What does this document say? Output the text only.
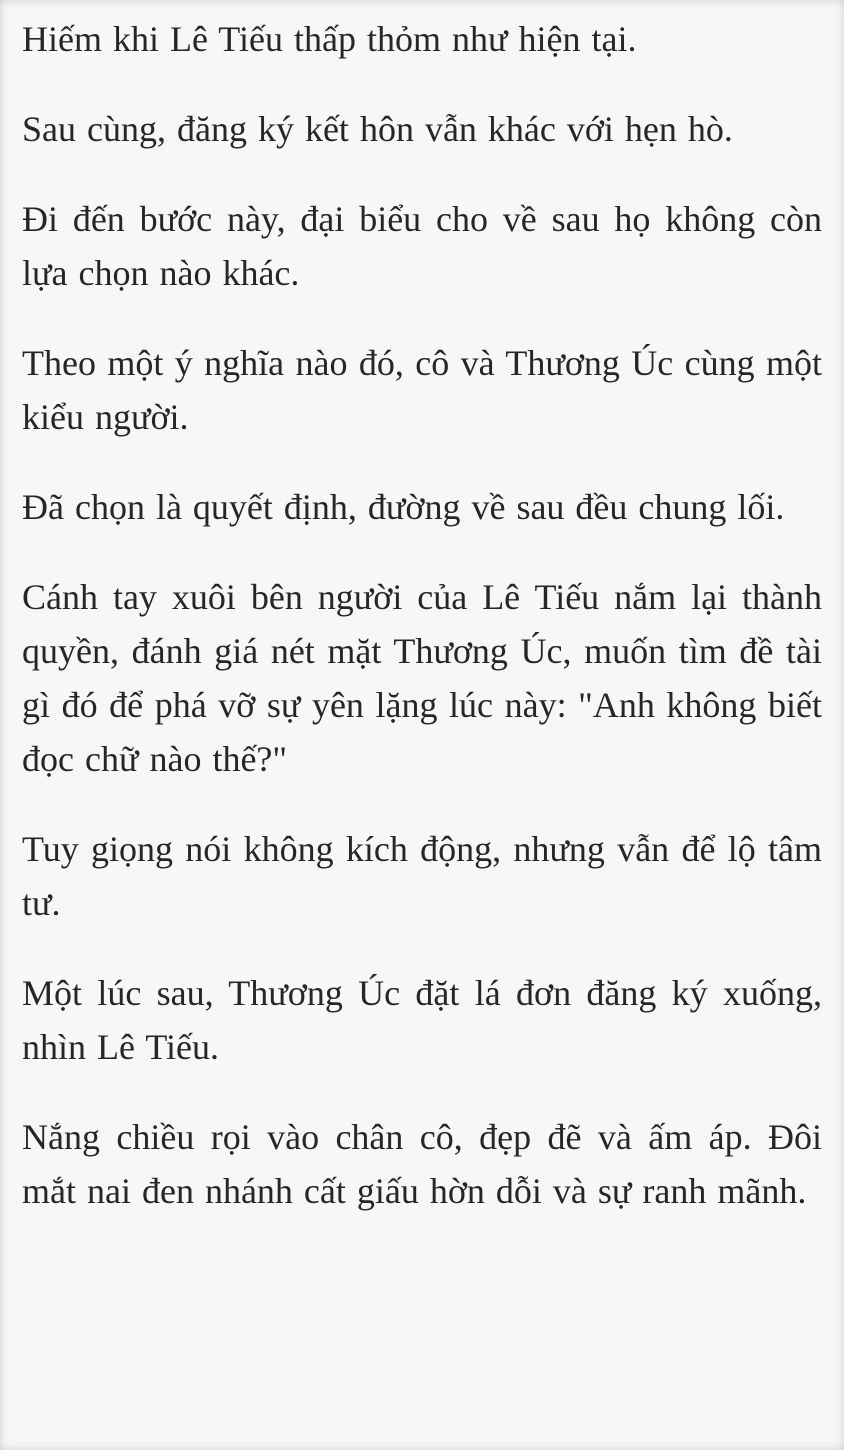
Hiếm khi Lê Tiếu thấp thỏm như hiện tại.

Sau cùng, đăng ký kết hôn vẫn khác với hẹn hò.

Đi đến bước này, đại biểu cho về sau họ không còn lựa chọn nào khác.

Theo một ý nghĩa nào đó, cô và Thương Úc cùng một kiểu người.

Đã chọn là quyết định, đường về sau đều chung lối.

Cánh tay xuôi bên người của Lê Tiếu nắm lại thành quyền, đánh giá nét mặt Thương Úc, muốn tìm đề tài gì đó để phá vỡ sự yên lặng lúc này: "Anh không biết đọc chữ nào thế?"

Tuy giọng nói không kích động, nhưng vẫn để lộ tâm tư.

Một lúc sau, Thương Úc đặt lá đơn đăng ký xuống, nhìn Lê Tiếu.

Nắng chiều rọi vào chân cô, đẹp đẽ và ấm áp. Đôi mắt nai đen nhánh cất giấu hờn dỗi và sự ranh mãnh.
